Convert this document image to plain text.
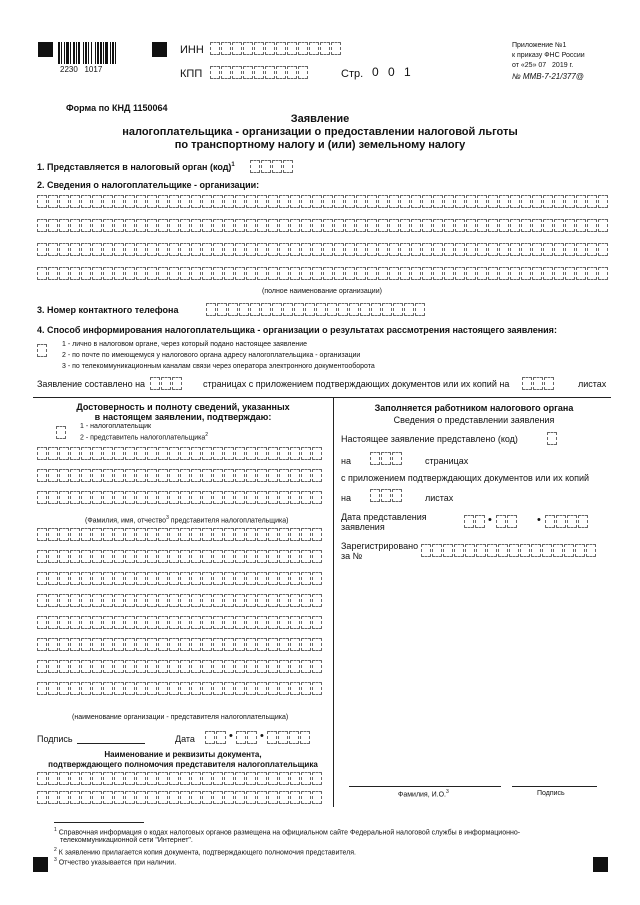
2230   1017
ИНН
КПП	Стр. 0 0 1
Приложение №1
к приказу ФНС России
от «25» 07   2019 г.
№ ММВ-7-21/377@
Форма по КНД 1150064
Заявление
налогоплательщика - организации о предоставлении налоговой льготы
по транспортному налогу и (или) земельному налогу
1. Представляется в налоговый орган (код)$^1$
2. Сведения о налогоплательщике - организации:
(полное наименование организации)
3. Номер контактного телефона
4. Способ информирования налогоплательщика - организации о результатах рассмотрения настоящего заявления:
1 - лично в налоговом органе, через который подано настоящее заявление
2 - по почте по имеющемуся у налогового органа адресу налогоплательщика - организации
3 - по телекоммуникационным каналам связи через оператора электронного документооборота
Заявление составлено на	страницах с приложением подтверждающих документов или их копий на	листах
Достоверность и полноту сведений, указанных
в настоящем заявлении, подтверждаю:
1 - налогоплательщик
2 - представитель налогоплательщика$^2$
(Фамилия, имя, отчество$^3$ представителя налогоплательщика)
(наименование организации - представителя налогоплательщика)
Подпись	Дата	• •
Наименование и реквизиты документа,
подтверждающего полномочия представителя налогоплательщика
Заполняется работником налогового органа
Сведения о представлении заявления
Настоящее заявление представлено (код)
на	страницах
с приложением подтверждающих документов или их копий
на	листах
Дата представления
заявления
•	•
Зарегистрировано
за №
Фамилия, И.О.$^3$	Подпись
$^1$ Справочная информация о кодах налоговых органов размещена на официальном сайте Федеральной налоговой службы в информационно-
телекоммуникационной сети "Интернет".
$^2$ К заявлению прилагается копия документа, подтверждающего полномочия представителя.
$^3$ Отчество указывается при наличии.
